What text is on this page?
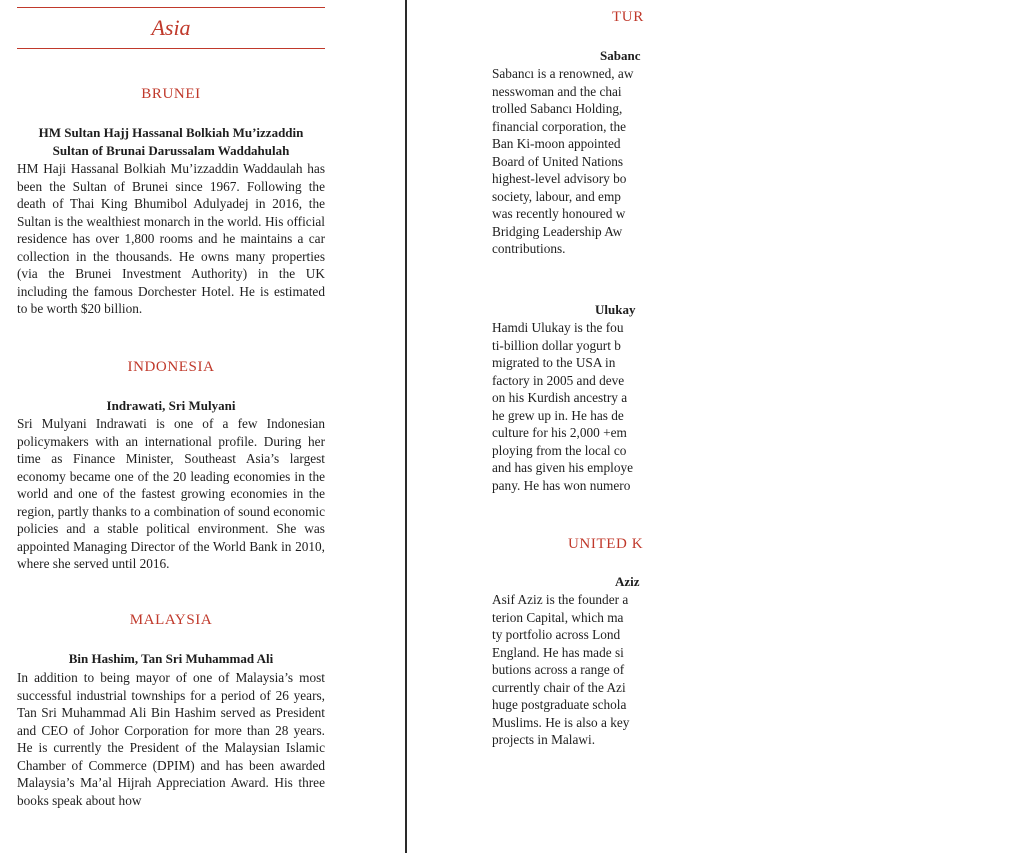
Asia
BRUNEI
HM Sultan Hajj Hassanal Bolkiah Mu’izzaddin
Sultan of Brunai Darussalam Waddahulah

HM Haji Hassanal Bolkiah Mu’izzaddin Waddaulah has been the Sultan of Brunei since 1967. Following the death of Thai King Bhumibol Adulyadej in 2016, the Sultan is the wealthiest monarch in the world. His official residence has over 1,800 rooms and he maintains a car collection in the thousands. He owns many properties (via the Brunei Investment Authority) in the UK including the famous Dorchester Hotel. He is estimated to be worth $20 billion.

INDONESIA
Indrawati, Sri Mulyani

Sri Mulyani Indrawati is one of a few Indonesian policymakers with an international profile. During her time as Finance Minister, Southeast Asia’s largest economy became one of the 20 leading economies in the world and one of the fastest growing economies in the region, partly thanks to a combination of sound economic policies and a stable political environment. She was appointed Managing Director of the World Bank in 2010, where she served until 2016.

MALAYSIA
Bin Hashim, Tan Sri Muhammad Ali

In addition to being mayor of one of Malaysia’s most successful industrial townships for a period of 26 years, Tan Sri Muhammad Ali Bin Hashim served as President and CEO of Johor Corporation for more than 28 years. He is currently the President of the Malaysian Islamic Chamber of Commerce (DPIM) and has been awarded Malaysia’s Ma’al Hijrah Appreciation Award. His three books speak about how

TUR
Sabanc
Sabancı is a renowned, aw
nesswoman and the chai
trolled Sabancı Holding,
financial corporation, the
Ban Ki-moon appointed
Board of United Nations
highest-level advisory bo
society, labour, and emp
was recently honoured w
Bridging Leadership Aw
contributions.
Ulukay
Hamdi Ulukay is the fou
ti-billion dollar yogurt b
migrated to the USA in
factory in 2005 and deve
on his Kurdish ancestry a
he grew up in. He has de
culture for his 2,000 +em
ploying from the local co
and has given his employe
pany. He has won numero
UNITED K
Aziz
Asif Aziz is the founder a
terion Capital, which ma
ty portfolio across Lond
England. He has made si
butions across a range of
currently chair of the Azi
huge postgraduate schola
Muslims. He is also a key
projects in Malawi.
